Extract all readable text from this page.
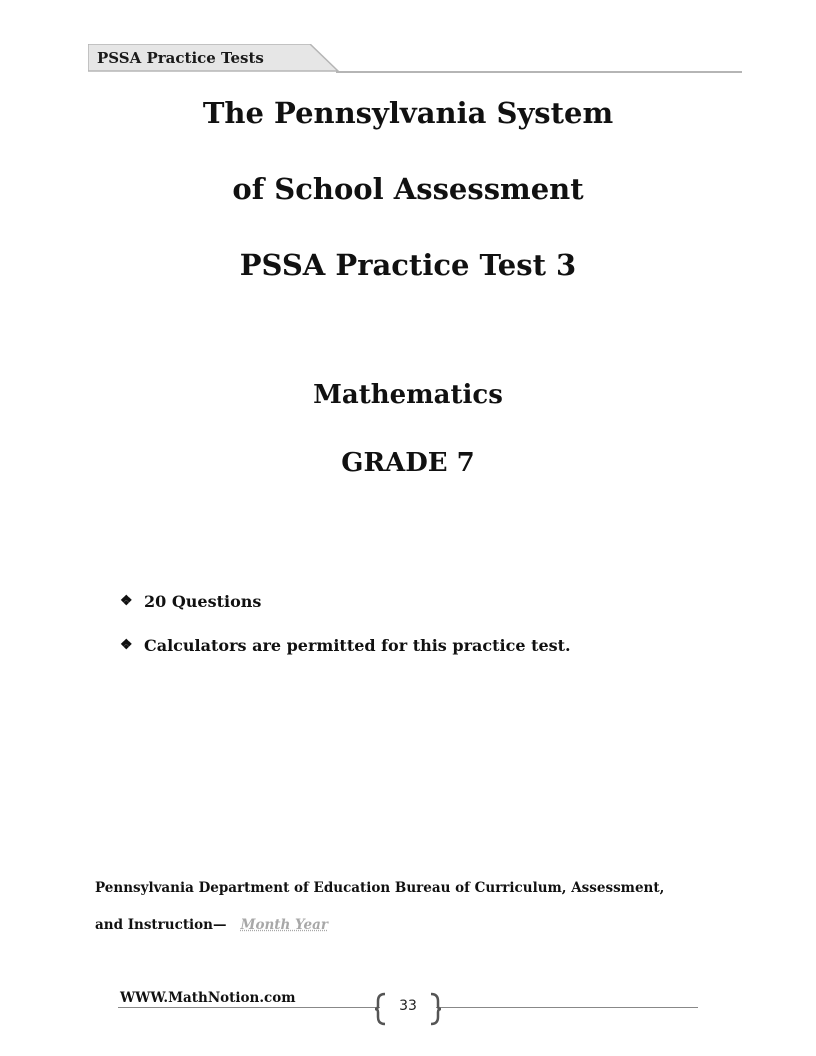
PSSA Practice Tests
The Pennsylvania System
of School Assessment
PSSA Practice Test 3
Mathematics
GRADE 7
❖ 20 Questions
❖ Calculators are permitted for this practice test.
Pennsylvania Department of Education Bureau of Curriculum, Assessment,
and Instruction— Month Year
WWW.MathNotion.com	33
